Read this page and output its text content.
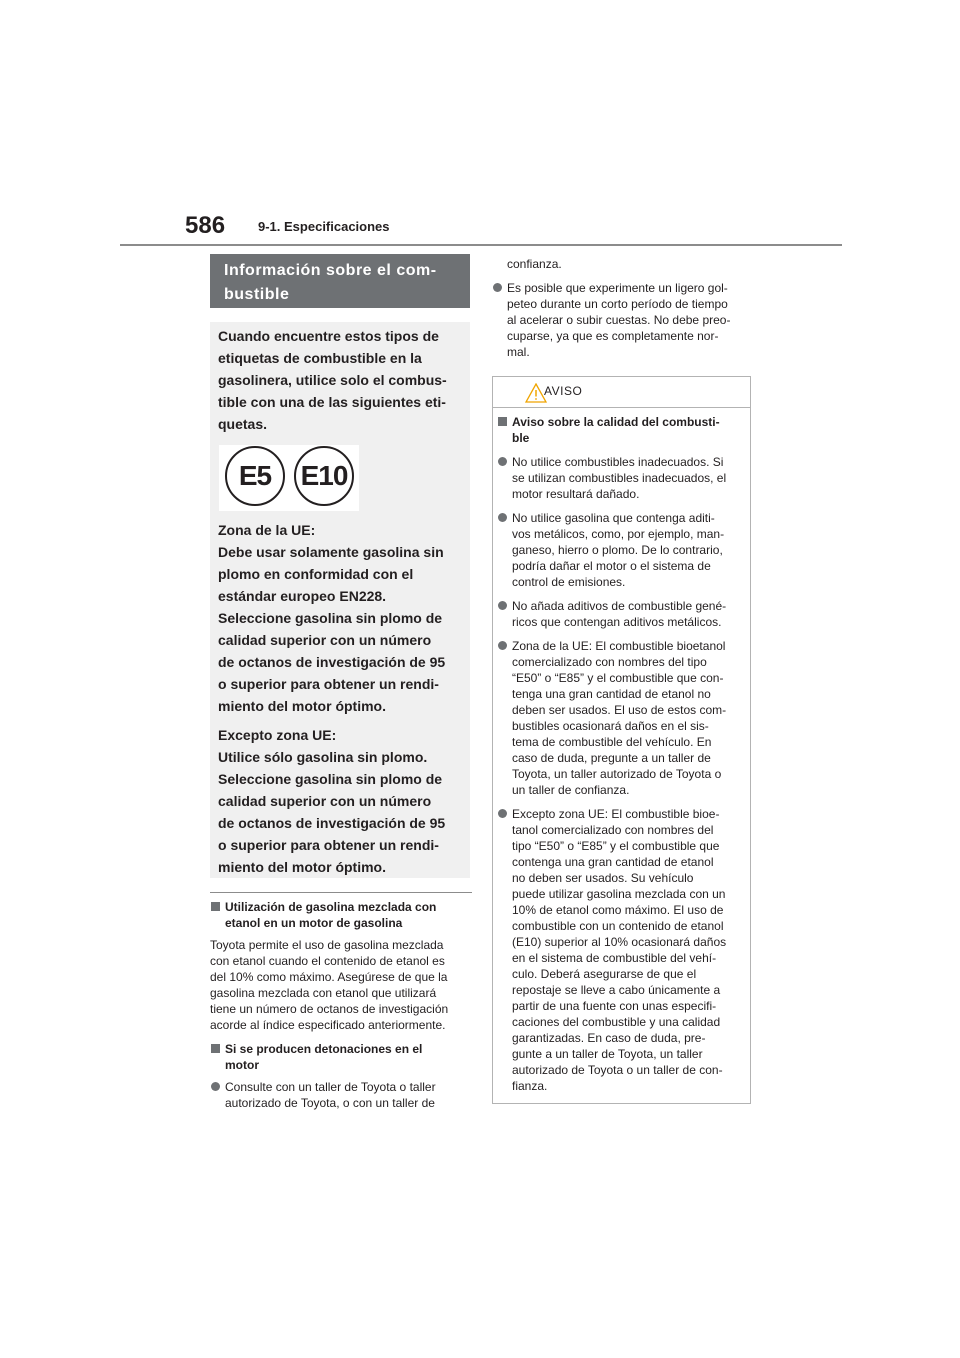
586	9-1. Especificaciones
Información sobre el com-
bustible

Cuando encuentre estos tipos de
etiquetas de combustible en la
gasolinera, utilice solo el combus-
tible con una de las siguientes eti-
quetas.

E5	E10

Zona de la UE:
Debe usar solamente gasolina sin
plomo en conformidad con el
estándar europeo EN228.
Seleccione gasolina sin plomo de
calidad superior con un número
de octanos de investigación de 95
o superior para obtener un rendi-
miento del motor óptimo.

Excepto zona UE:
Utilice sólo gasolina sin plomo.
Seleccione gasolina sin plomo de
calidad superior con un número
de octanos de investigación de 95
o superior para obtener un rendi-
miento del motor óptimo.

Utilización de gasolina mezclada con
etanol en un motor de gasolina

Toyota permite el uso de gasolina mezclada
con etanol cuando el contenido de etanol es
del 10% como máximo. Asegúrese de que la
gasolina mezclada con etanol que utilizará
tiene un número de octanos de investigación
acorde al índice especificado anteriormente.

Si se producen detonaciones en el
motor
Consulte con un taller de Toyota o taller
autorizado de Toyota, o con un taller de
confianza.
Es posible que experimente un ligero gol-
peteo durante un corto período de tiempo
al acelerar o subir cuestas. No debe preo-
cuparse, ya que es completamente nor-
mal.
AVISO
Aviso sobre la calidad del combusti-
ble
No utilice combustibles inadecuados. Si
se utilizan combustibles inadecuados, el
motor resultará dañado.
No utilice gasolina que contenga aditi-
vos metálicos, como, por ejemplo, man-
ganeso, hierro o plomo. De lo contrario,
podría dañar el motor o el sistema de
control de emisiones.
No añada aditivos de combustible gené-
ricos que contengan aditivos metálicos.
Zona de la UE: El combustible bioetanol
comercializado con nombres del tipo
“E50” o “E85” y el combustible que con-
tenga una gran cantidad de etanol no
deben ser usados. El uso de estos com-
bustibles ocasionará daños en el sis-
tema de combustible del vehículo. En
caso de duda, pregunte a un taller de
Toyota, un taller autorizado de Toyota o
un taller de confianza.
Excepto zona UE: El combustible bioe-
tanol comercializado con nombres del
tipo “E50” o “E85” y el combustible que
contenga una gran cantidad de etanol
no deben ser usados. Su vehículo
puede utilizar gasolina mezclada con un
10% de etanol como máximo. El uso de
combustible con un contenido de etanol
(E10) superior al 10% ocasionará daños
en el sistema de combustible del vehí-
culo. Deberá asegurarse de que el
repostaje se lleve a cabo únicamente a
partir de una fuente con unas especifi-
caciones del combustible y una calidad
garantizadas. En caso de duda, pre-
gunte a un taller de Toyota, un taller
autorizado de Toyota o un taller de con-
fianza.
